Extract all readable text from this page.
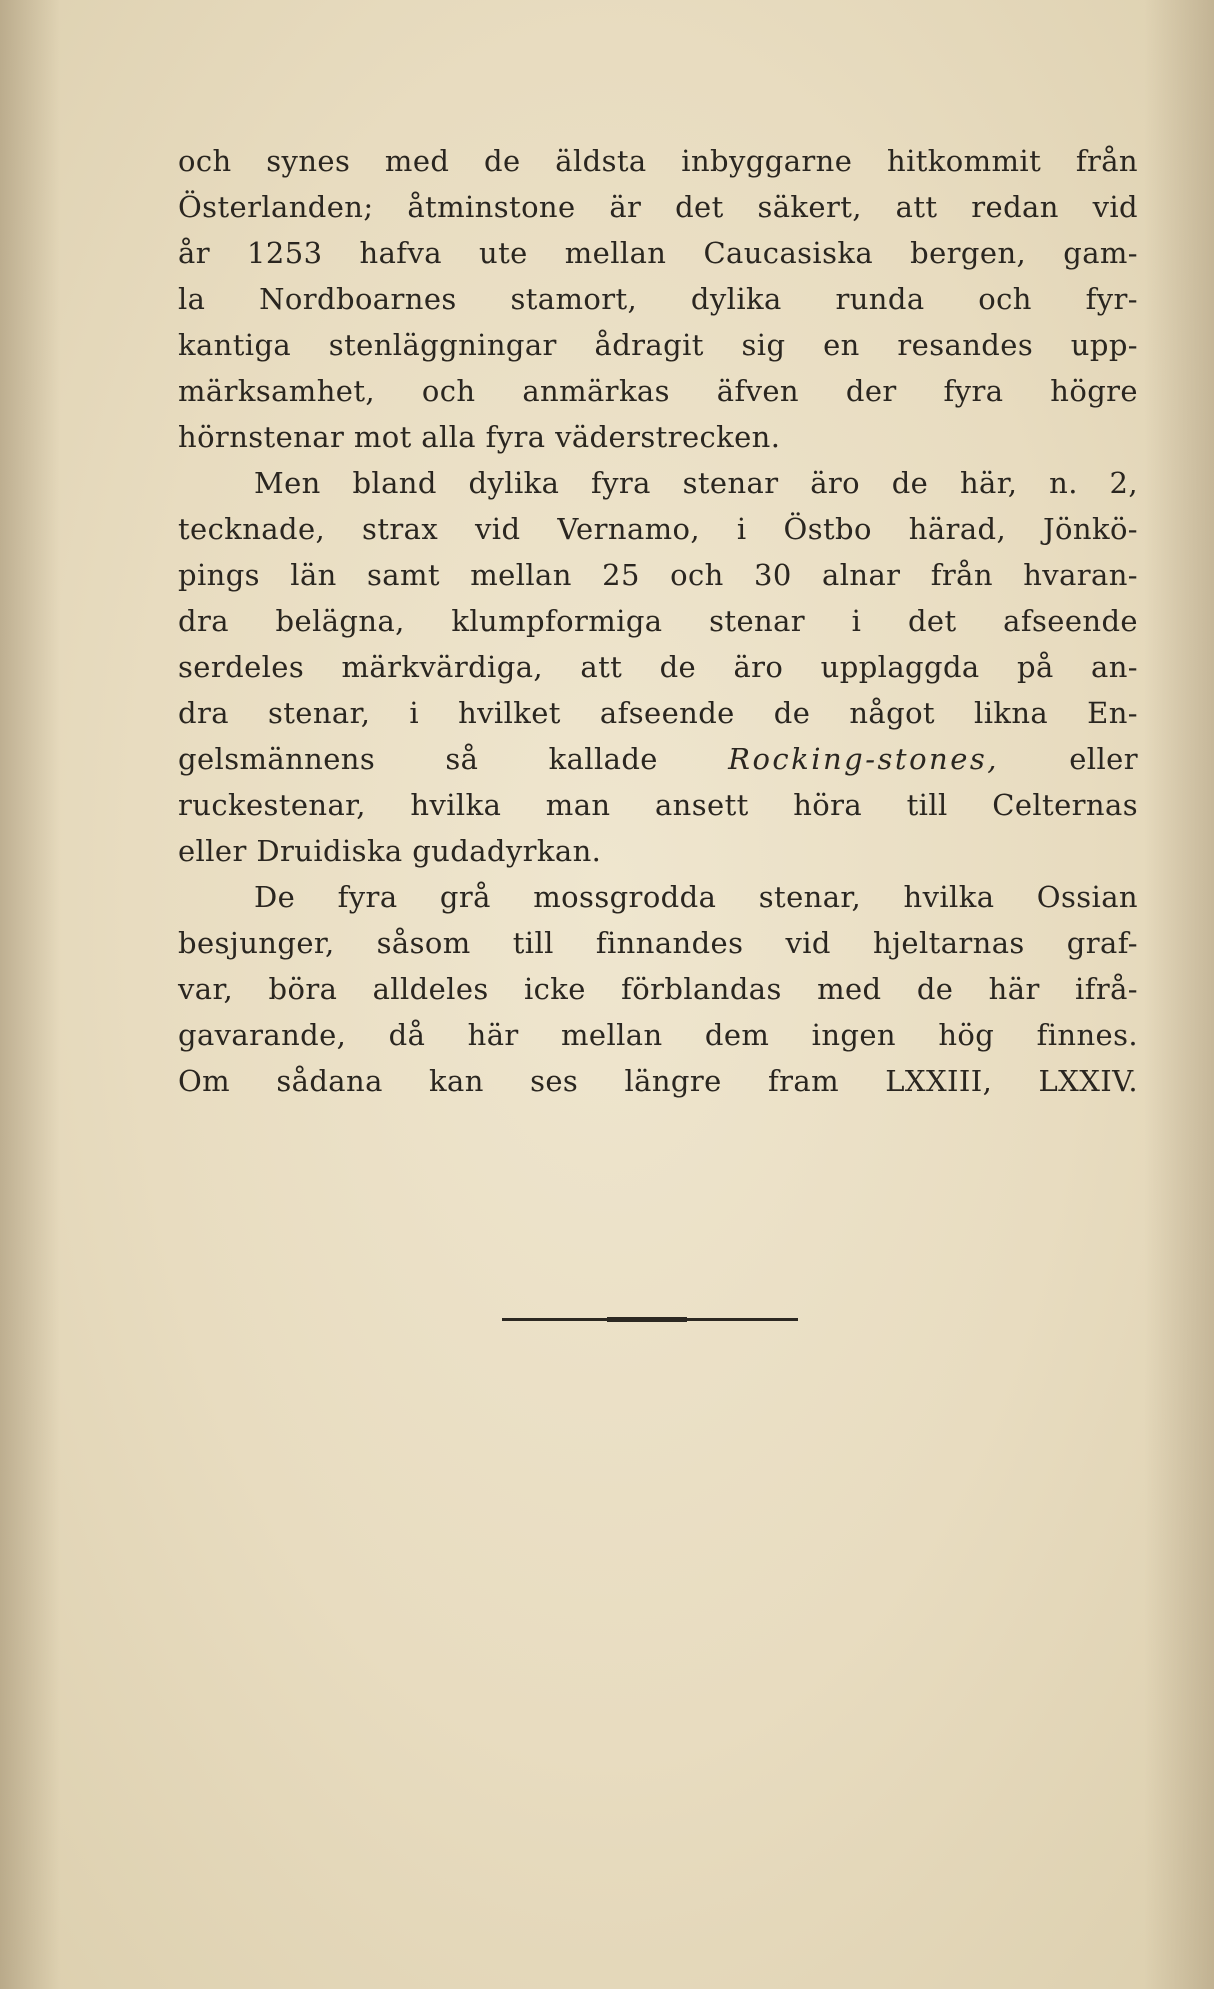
och synes med de äldsta inbyggarne hitkommit från
Österlanden; åtminstone är det säkert, att redan vid
år 1253 hafva ute mellan Caucasiska bergen, gam-
la Nordboarnes stamort, dylika runda och fyr-
kantiga stenläggningar ådragit sig en resandes upp-
märksamhet, och anmärkas äfven der fyra högre
hörnstenar mot alla fyra väderstrecken.
Men bland dylika fyra stenar äro de här, n. 2,
tecknade, strax vid Vernamo, i Östbo härad, Jönkö-
pings län samt mellan 25 och 30 alnar från hvaran-
dra belägna, klumpformiga stenar i det afseende
serdeles märkvärdiga, att de äro upplaggda på an-
dra stenar, i hvilket afseende de något likna En-
gelsmännens så kallade Rocking-stones, eller
ruckestenar, hvilka man ansett höra till Celternas
eller Druidiska gudadyrkan.
De fyra grå mossgrodda stenar, hvilka Ossian
besjunger, såsom till finnandes vid hjeltarnas graf-
var, böra alldeles icke förblandas med de här ifrå-
gavarande, då här mellan dem ingen hög finnes.
Om sådana kan ses längre fram LXXIII, LXXIV.
